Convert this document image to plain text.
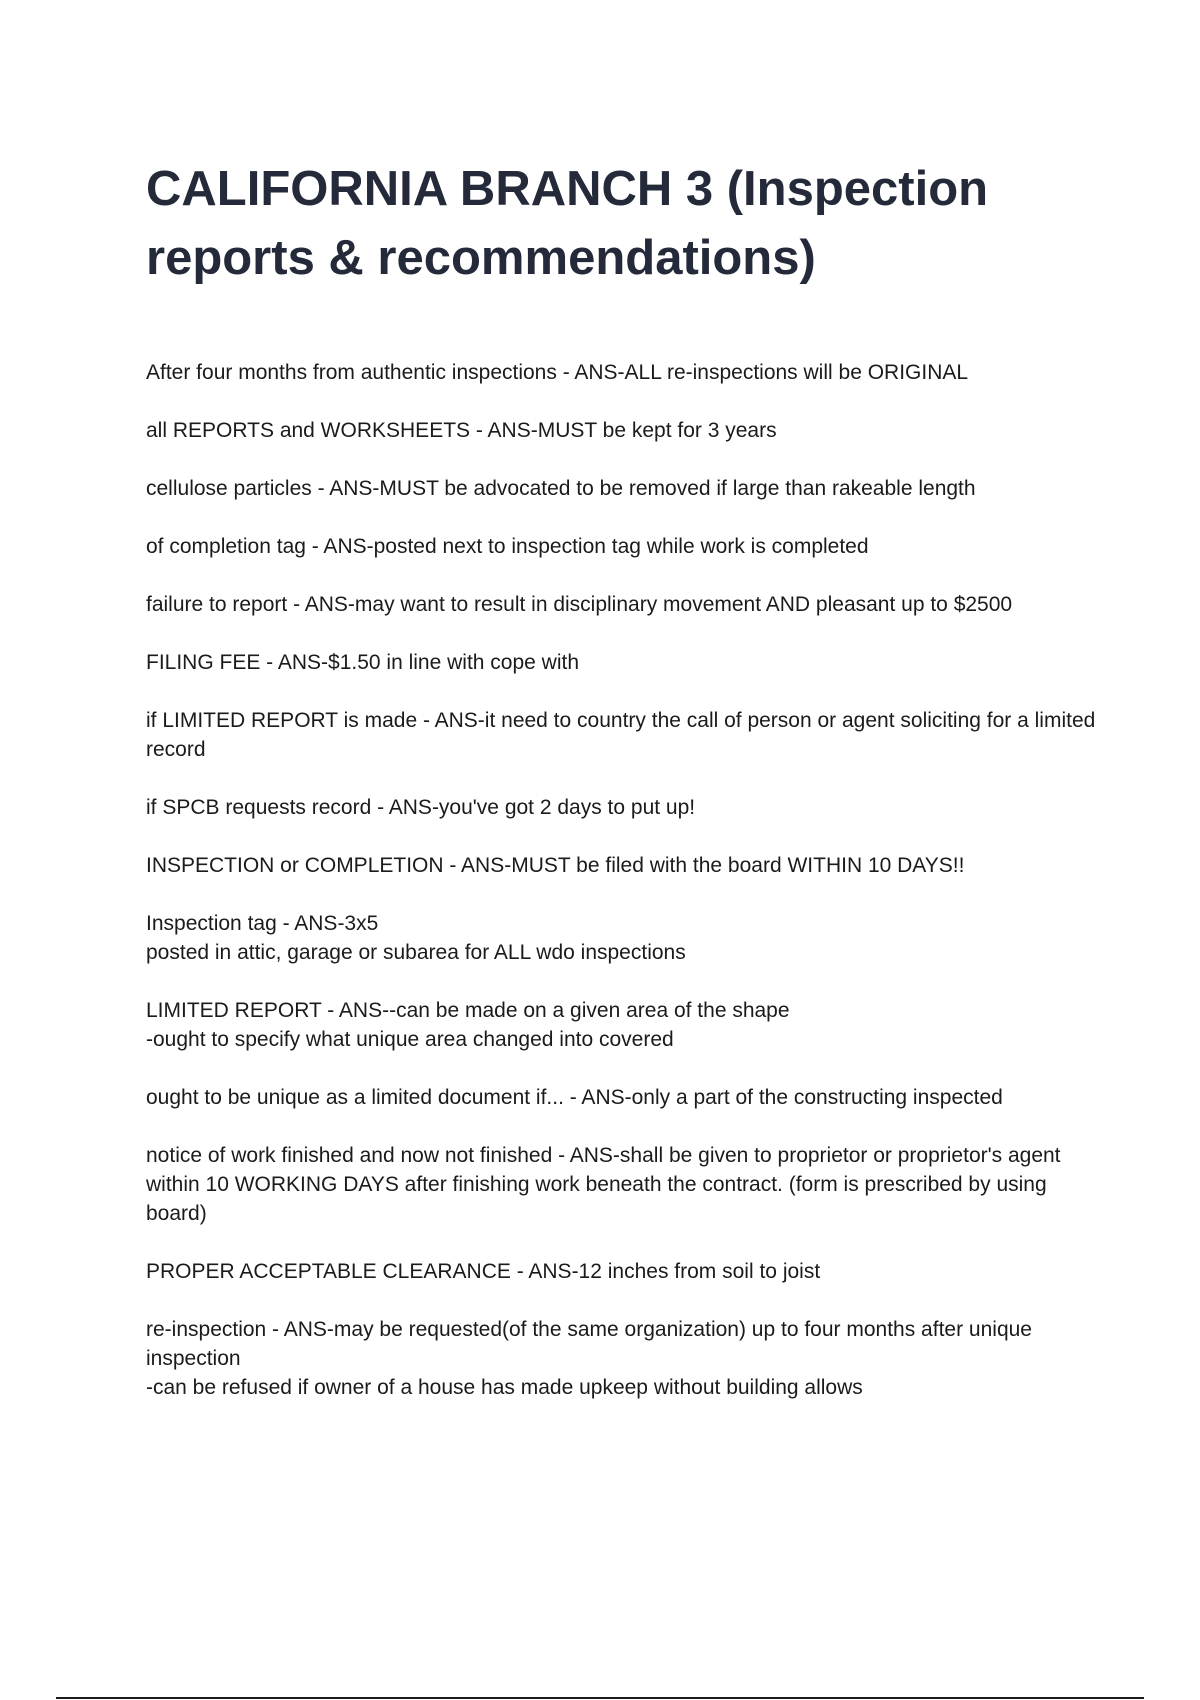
CALIFORNIA BRANCH 3 (Inspection reports & recommendations)

After four months from authentic inspections - ANS-ALL re-inspections will be ORIGINAL

all REPORTS and WORKSHEETS - ANS-MUST be kept for 3 years

cellulose particles - ANS-MUST be advocated to be removed if large than rakeable length

of completion tag - ANS-posted next to inspection tag while work is completed

failure to report - ANS-may want to result in disciplinary movement AND pleasant up to $2500

FILING FEE - ANS-$1.50 in line with cope with

if LIMITED REPORT is made - ANS-it need to country the call of person or agent soliciting for a limited record

if SPCB requests record - ANS-you've got 2 days to put up!

INSPECTION or COMPLETION - ANS-MUST be filed with the board WITHIN 10 DAYS!!

Inspection tag - ANS-3x5
posted in attic, garage or subarea for ALL wdo inspections

LIMITED REPORT - ANS--can be made on a given area of the shape
-ought to specify what unique area changed into covered

ought to be unique as a limited document if... - ANS-only a part of the constructing inspected

notice of work finished and now not finished - ANS-shall be given to proprietor or proprietor's agent within 10 WORKING DAYS after finishing work beneath the contract. (form is prescribed by using board)

PROPER ACCEPTABLE CLEARANCE - ANS-12 inches from soil to joist

re-inspection - ANS-may be requested(of the same organization) up to four months after unique inspection
-can be refused if owner of a house has made upkeep without building allows
